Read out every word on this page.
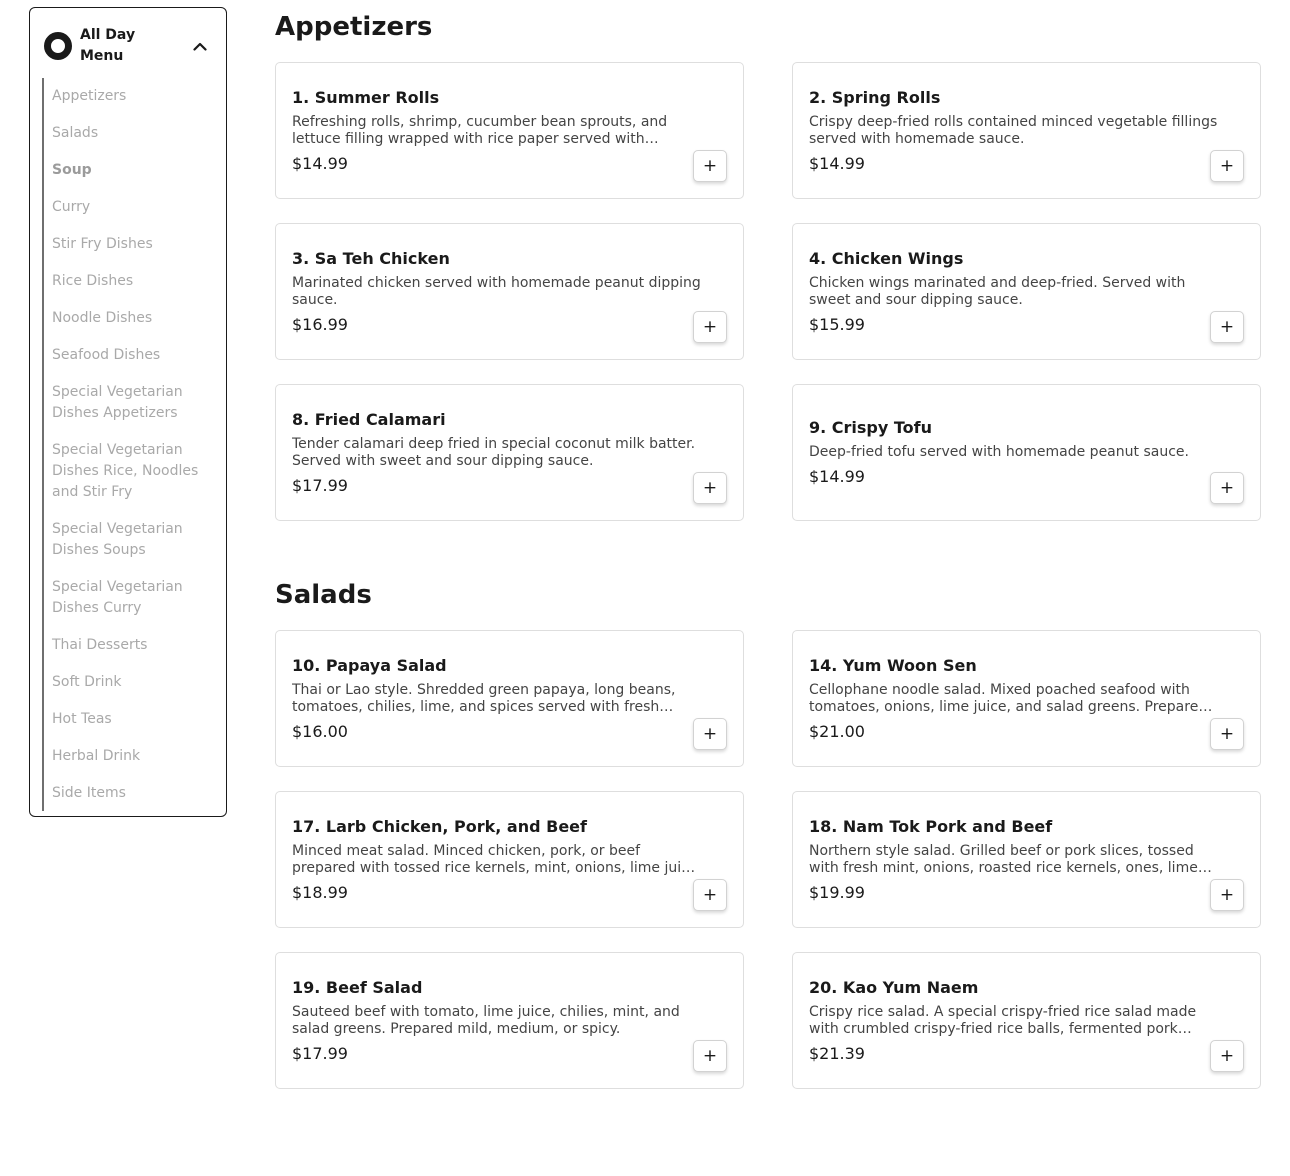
All Day Menu
Appetizers
Salads
Soup
Curry
Stir Fry Dishes
Rice Dishes
Noodle Dishes
Seafood Dishes
Special Vegetarian Dishes Appetizers
Special Vegetarian Dishes Rice, Noodles and Stir Fry
Special Vegetarian Dishes Soups
Special Vegetarian Dishes Curry
Thai Desserts
Soft Drink
Hot Teas
Herbal Drink
Side Items
Appetizers
1. Summer Rolls
Refreshing rolls, shrimp, cucumber bean sprouts, and lettuce filling wrapped with rice paper served with
$14.99	+
2. Spring Rolls
Crispy deep-fried rolls contained minced vegetable fillings served with homemade sauce.
$14.99	+
3. Sa Teh Chicken
Marinated chicken served with homemade peanut dipping sauce.
$16.99	+
4. Chicken Wings
Chicken wings marinated and deep-fried. Served with sweet and sour dipping sauce.
$15.99	+
8. Fried Calamari
Tender calamari deep fried in special coconut milk batter. Served with sweet and sour dipping sauce.
$17.99	+
9. Crispy Tofu
Deep-fried tofu served with homemade peanut sauce.
$14.99
+
Salads
10. Papaya Salad
Thai or Lao style. Shredded green papaya, long beans, tomatoes, chilies, lime, and spices served with fresh
$16.00	+
14. Yum Woon Sen
Cellophane noodle salad. Mixed poached seafood with tomatoes, onions, lime juice, and salad greens. Prepared
$21.00	+
17. Larb Chicken, Pork, and Beef
Minced meat salad. Minced chicken, pork, or beef prepared with tossed rice kernels, mint, onions, lime juice,
$18.99	+
18. Nam Tok Pork and Beef
Northern style salad. Grilled beef or pork slices, tossed with fresh mint, onions, roasted rice kernels, ones, lime
$19.99	+
19. Beef Salad
Sauteed beef with tomato, lime juice, chilies, mint, and salad greens. Prepared mild, medium, or spicy.
$17.99	+
20. Kao Yum Naem
Crispy rice salad. A special crispy-fried rice salad made with crumbled crispy-fried rice balls, fermented pork
$21.39	+
